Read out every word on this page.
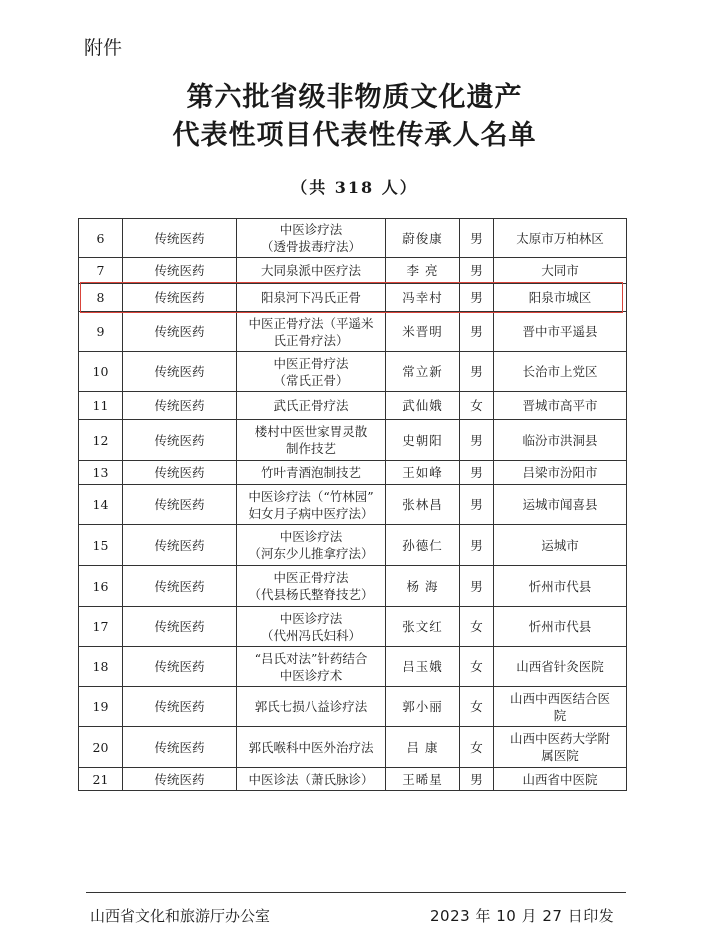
附件
第六批省级非物质文化遗产
代表性项目代表性传承人名单
（共 318 人）
6	传统医药	中医诊疗法
（透骨拔毒疗法）	蔚俊康	男	太原市万柏林区

7	传统医药	大同泉派中医疗法	李 亮	男	大同市

8	传统医药	阳泉河下冯氏正骨	冯幸村	男	阳泉市城区

9	传统医药	中医正骨疗法（平遥米
氏正骨疗法）	米晋明	男	晋中市平遥县

10	传统医药	中医正骨疗法
（常氏正骨）	常立新	男	长治市上党区

11	传统医药	武氏正骨疗法	武仙娥	女	晋城市高平市

12	传统医药	楼村中医世家胃灵散
制作技艺	史朝阳	男	临汾市洪洞县

13	传统医药	竹叶青酒泡制技艺	王如峰	男	吕梁市汾阳市

14	传统医药	中医诊疗法（“竹林园”
妇女月子病中医疗法）	张林昌	男	运城市闻喜县

15	传统医药	中医诊疗法
（河东少儿推拿疗法）	孙德仁	男	运城市

16	传统医药	中医正骨疗法
（代县杨氏整脊技艺）	杨 海	男	忻州市代县

17	传统医药	中医诊疗法
（代州冯氏妇科）	张文红	女	忻州市代县

18	传统医药	“吕氏对法”针药结合
中医诊疗术	吕玉娥	女	山西省针灸医院

19	传统医药	郭氏七损八益诊疗法	郭小丽	女	山西中西医结合医
院

20	传统医药	郭氏喉科中医外治疗法	吕 康	女	山西中医药大学附
属医院

21	传统医药	中医诊法（萧氏脉诊）	王晞星	男	山西省中医院
山西省文化和旅游厅办公室	2023 年 10 月 27 日印发
